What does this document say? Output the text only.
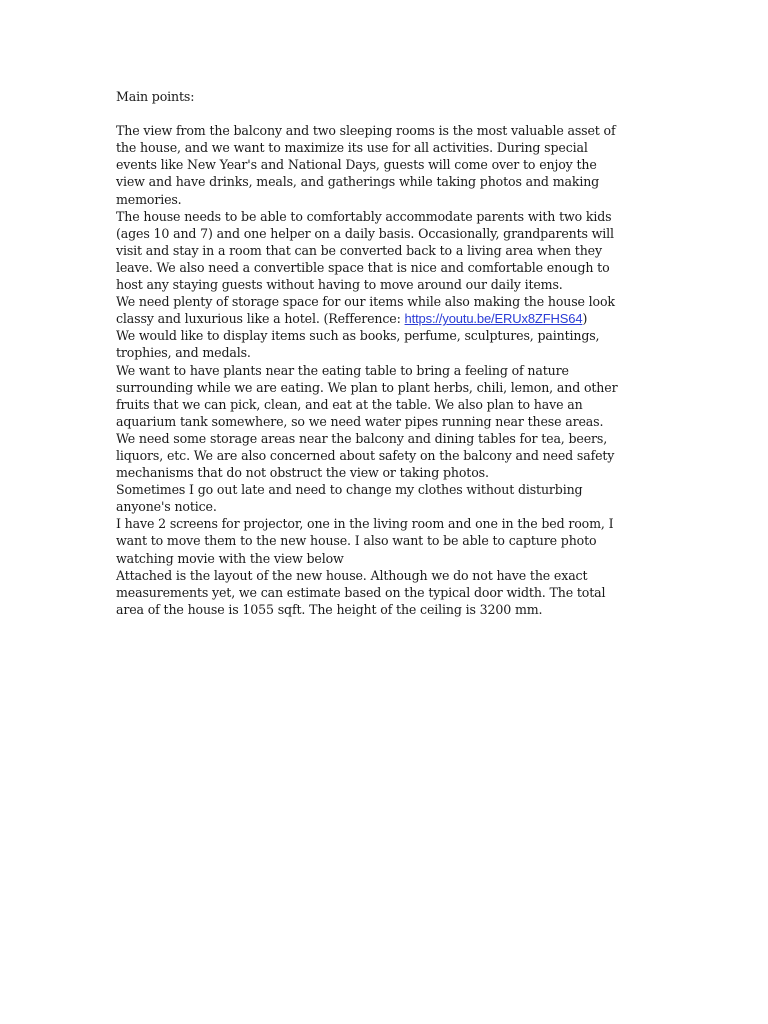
Main points:

The view from the balcony and two sleeping rooms is the most valuable asset of
the house, and we want to maximize its use for all activities. During special
events like New Year's and National Days, guests will come over to enjoy the
view and have drinks, meals, and gatherings while taking photos and making
memories.

The house needs to be able to comfortably accommodate parents with two kids
(ages 10 and 7) and one helper on a daily basis. Occasionally, grandparents will
visit and stay in a room that can be converted back to a living area when they
leave. We also need a convertible space that is nice and comfortable enough to
host any staying guests without having to move around our daily items.

We need plenty of storage space for our items while also making the house look
classy and luxurious like a hotel. (Refference: https://youtu.be/ERUx8ZFHS64)

We would like to display items such as books, perfume, sculptures, paintings,
trophies, and medals.

We want to have plants near the eating table to bring a feeling of nature
surrounding while we are eating. We plan to plant herbs, chili, lemon, and other
fruits that we can pick, clean, and eat at the table. We also plan to have an
aquarium tank somewhere, so we need water pipes running near these areas.

We need some storage areas near the balcony and dining tables for tea, beers,
liquors, etc. We are also concerned about safety on the balcony and need safety
mechanisms that do not obstruct the view or taking photos.

Sometimes I go out late and need to change my clothes without disturbing
anyone's notice.

I have 2 screens for projector, one in the living room and one in the bed room, I
want to move them to the new house. I also want to be able to capture photo
watching movie with the view below

Attached is the layout of the new house. Although we do not have the exact
measurements yet, we can estimate based on the typical door width. The total
area of the house is 1055 sqft. The height of the ceiling is 3200 mm.
